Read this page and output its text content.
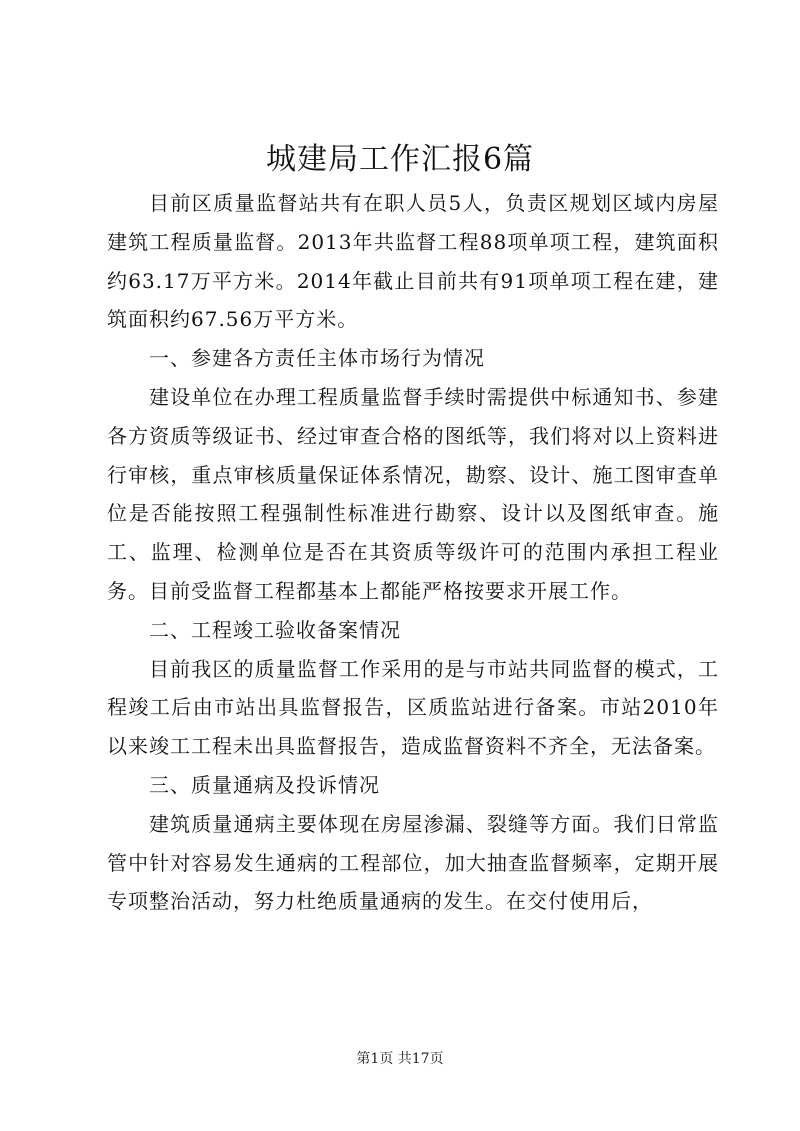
城建局工作汇报6篇

目前区质量监督站共有在职人员5人，负责区规划区域内房屋建筑工程质量监督。2013年共监督工程88项单项工程，建筑面积约63.17万平方米。2014年截止目前共有91项单项工程在建，建筑面积约67.56万平方米。

一、参建各方责任主体市场行为情况

建设单位在办理工程质量监督手续时需提供中标通知书、参建各方资质等级证书、经过审查合格的图纸等，我们将对以上资料进行审核，重点审核质量保证体系情况，勘察、设计、施工图审查单位是否能按照工程强制性标准进行勘察、设计以及图纸审查。施工、监理、检测单位是否在其资质等级许可的范围内承担工程业务。目前受监督工程都基本上都能严格按要求开展工作。

二、工程竣工验收备案情况

目前我区的质量监督工作采用的是与市站共同监督的模式，工程竣工后由市站出具监督报告，区质监站进行备案。市站2010年以来竣工工程未出具监督报告，造成监督资料不齐全，无法备案。

三、质量通病及投诉情况

建筑质量通病主要体现在房屋渗漏、裂缝等方面。我们日常监管中针对容易发生通病的工程部位，加大抽查监督频率，定期开展专项整治活动，努力杜绝质量通病的发生。在交付使用后，

第1页 共17页
